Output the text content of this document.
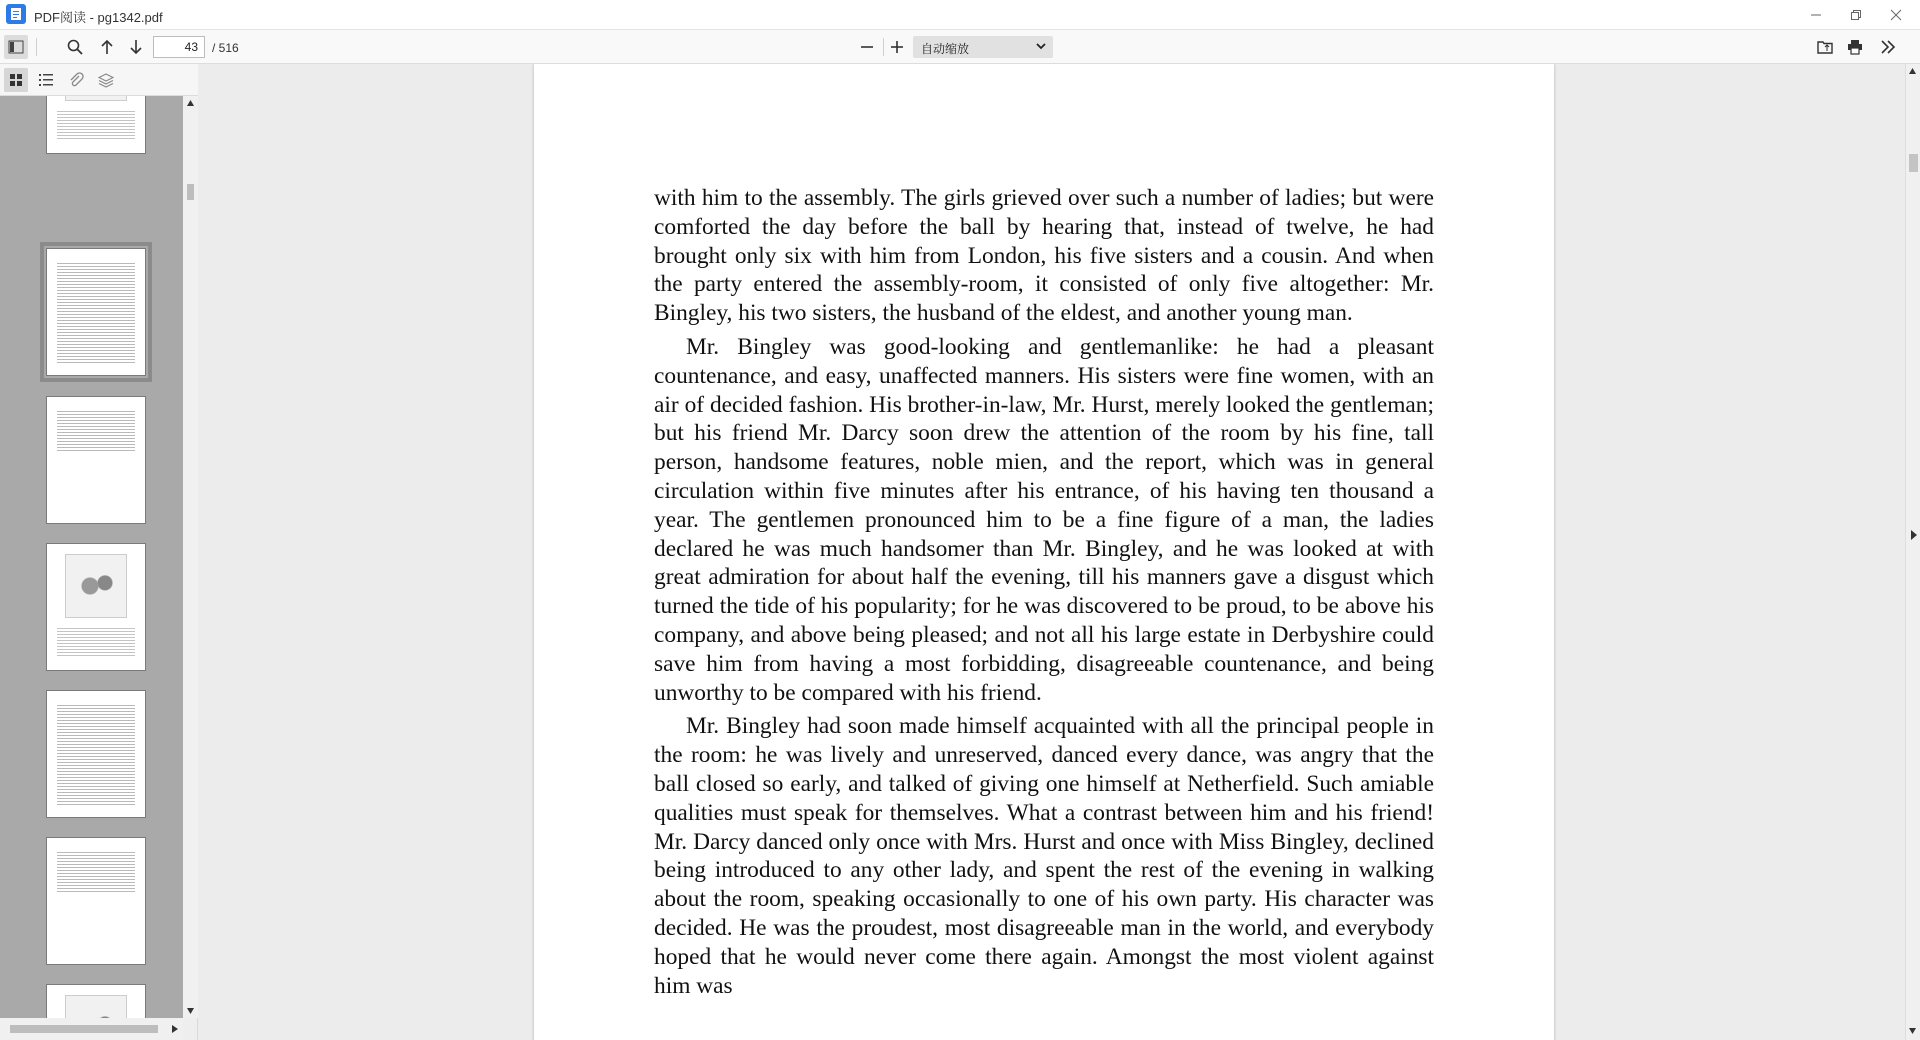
PDF阅读 - pg1342.pdf
43
/ 516	自动缩放

with him to the assembly. The girls grieved over such a number of ladies; but were comforted the day before the ball by hearing that, instead of twelve, he had brought only six with him from London, his five sisters and a cousin. And when the party entered the assembly-room, it consisted of only five altogether: Mr. Bingley, his two sisters, the husband of the eldest, and another young man.

Mr. Bingley was good-looking and gentlemanlike: he had a pleasant countenance, and easy, unaffected manners. His sisters were fine women, with an air of decided fashion. His brother-in-law, Mr. Hurst, merely looked the gentleman; but his friend Mr. Darcy soon drew the attention of the room by his fine, tall person, handsome features, noble mien, and the report, which was in general circulation within five minutes after his entrance, of his having ten thousand a year. The gentlemen pronounced him to be a fine figure of a man, the ladies declared he was much handsomer than Mr. Bingley, and he was looked at with great admiration for about half the evening, till his manners gave a disgust which turned the tide of his popularity; for he was discovered to be proud, to be above his company, and above being pleased; and not all his large estate in Derbyshire could save him from having a most forbidding, disagreeable countenance, and being unworthy to be compared with his friend.

Mr. Bingley had soon made himself acquainted with all the principal people in the room: he was lively and unreserved, danced every dance, was angry that the ball closed so early, and talked of giving one himself at Netherfield. Such amiable qualities must speak for themselves. What a contrast between him and his friend! Mr. Darcy danced only once with Mrs. Hurst and once with Miss Bingley, declined being introduced to any other lady, and spent the rest of the evening in walking about the room, speaking occasionally to one of his own party. His character was decided. He was the proudest, most disagreeable man in the world, and everybody hoped that he would never come there again. Amongst the most violent against him was
